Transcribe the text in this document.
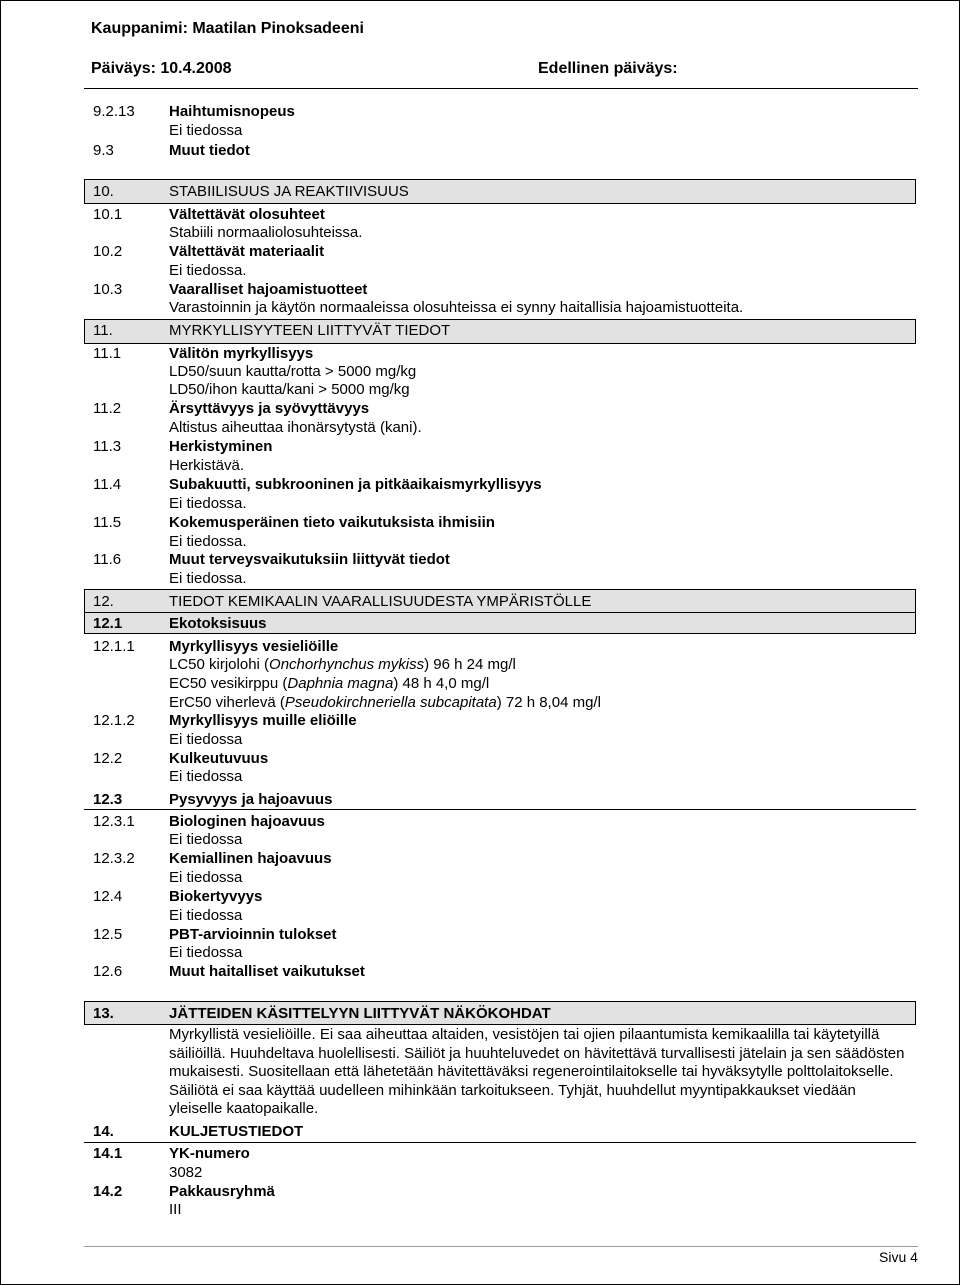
Kauppanimi: Maatilan Pinoksadeeni
Päiväys: 10.4.2008	Edellinen päiväys:
9.2.13 Haihtumisnopeus
Ei tiedossa
9.3	Muut tiedot
10.	STABIILISUUS JA REAKTIIVISUUS
10.1	Vältettävät olosuhteet
Stabiili normaaliolosuhteissa.
10.2	Vältettävät materiaalit
Ei tiedossa.
10.3	Vaaralliset hajoamistuotteet
Varastoinnin ja käytön normaaleissa olosuhteissa ei synny haitallisia hajoamistuotteita.
11.	MYRKYLLISYYTEEN LIITTYVÄT TIEDOT
11.1	Välitön myrkyllisyys
LD50/suun kautta/rotta > 5000 mg/kg
LD50/ihon kautta/kani > 5000 mg/kg
11.2	Ärsyttävyys ja syövyttävyys
Altistus aiheuttaa ihonärsytystä (kani).
11.3	Herkistyminen
Herkistävä.
11.4	Subakuutti, subkrooninen ja pitkäaikaismyrkyllisyys
Ei tiedossa.
11.5	Kokemusperäinen tieto vaikutuksista ihmisiin
Ei tiedossa.
11.6	Muut terveysvaikutuksiin liittyvät tiedot
Ei tiedossa.
12.	TIEDOT KEMIKAALIN VAARALLISUUDESTA YMPÄRISTÖLLE
12.1	Ekotoksisuus
12.1.1 Myrkyllisyys vesieliöille
LC50 kirjolohi (Onchorhynchus mykiss) 96 h 24 mg/l
EC50 vesikirppu (Daphnia magna) 48 h 4,0 mg/l
ErC50 viherlevä (Pseudokirchneriella subcapitata) 72 h 8,04 mg/l
12.1.2 Myrkyllisyys muille eliöille
Ei tiedossa
12.2	Kulkeutuvuus
Ei tiedossa
12.3	Pysyvyys ja hajoavuus
12.3.1 Biologinen hajoavuus
Ei tiedossa
12.3.2 Kemiallinen hajoavuus
Ei tiedossa
12.4	Biokertyvyys
Ei tiedossa
12.5	PBT-arvioinnin tulokset
Ei tiedossa
12.6	Muut haitalliset vaikutukset
13.	JÄTTEIDEN KÄSITTELYYN LIITTYVÄT NÄKÖKOHDAT
Myrkyllistä vesieliöille. Ei saa aiheuttaa altaiden, vesistöjen tai ojien pilaantumista kemikaalilla tai käytetyillä säiliöillä. Huuhdeltava huolellisesti. Säiliöt ja huuhteluvedet on hävitettävä turvallisesti jätelain ja sen säädösten mukaisesti. Suositellaan että lähetetään hävitettäväksi regenerointilaitokselle tai hyväksytylle polttolaitokselle. Säiliötä ei saa käyttää uudelleen mihinkään tarkoitukseen. Tyhjät, huuhdellut myyntipakkaukset viedään yleiselle kaatopaikalle.
14.	KULJETUSTIEDOT
14.1	YK-numero
3082
14.2	Pakkausryhmä
III
Sivu 4
